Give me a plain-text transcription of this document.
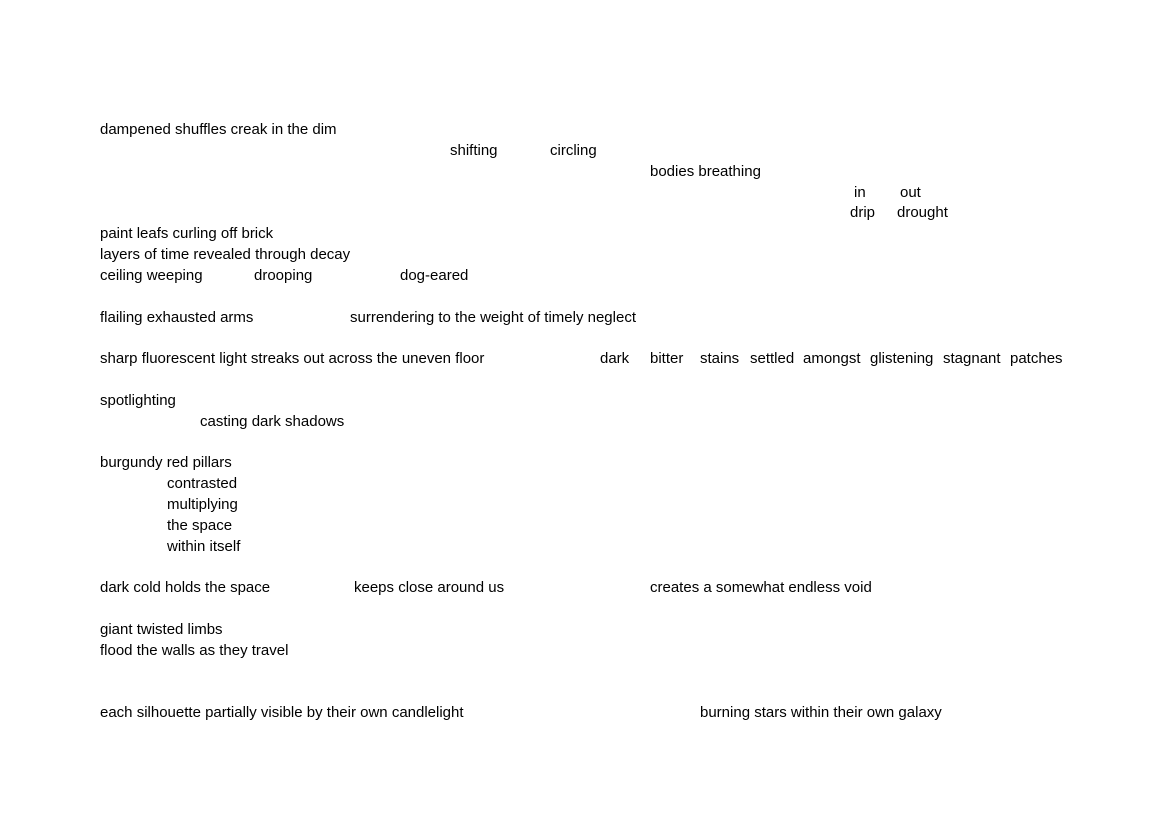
dampened shuffles creak in the dim
shifting	circling
bodies breathing
in out
drip drought
paint leafs curling off brick
layers of time revealed through decay
ceiling weeping	drooping	dog-eared
flailing exhausted arms	surrendering to the weight of timely neglect
sharp fluorescent light streaks out across the uneven floor	dark bitter stains settled amongst glistening stagnant patches
spotlighting
casting dark shadows
burgundy red pillars
contrasted
multiplying
the space
within itself
dark cold holds the space	keeps close around us	creates a somewhat endless void
giant twisted limbs
flood the walls as they travel
each silhouette partially visible by their own candlelight	burning stars within their own galaxy
